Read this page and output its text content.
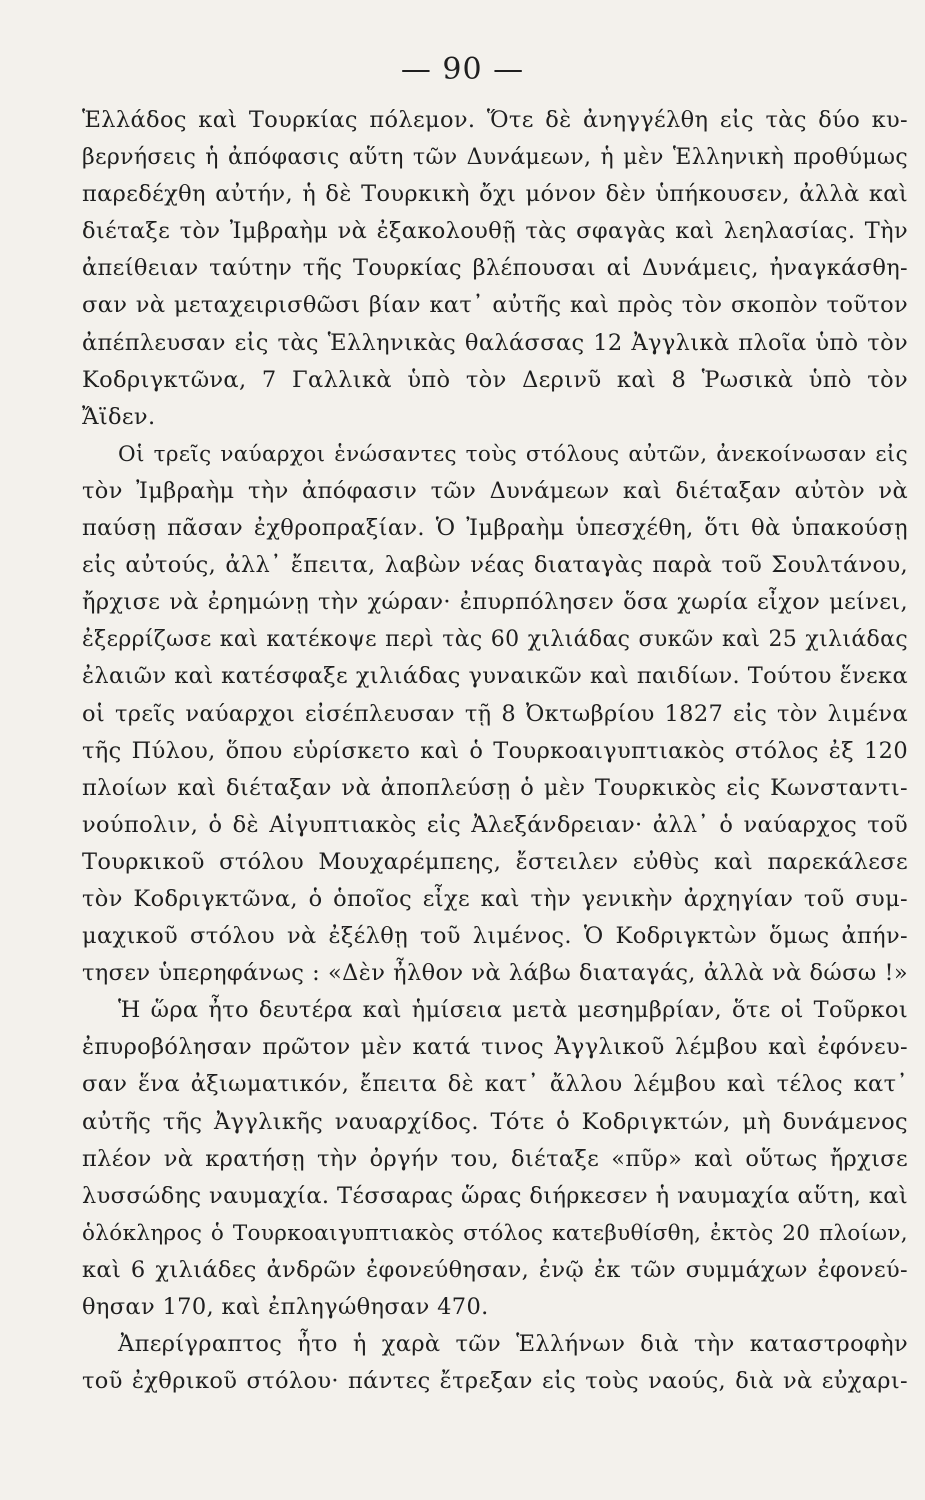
— 90 —
Ἑλλάδος καὶ Τουρκίας πόλεμον. Ὅτε δὲ ἀνηγγέλθη εἰς τὰς δύο κυ-
βερνήσεις ἡ ἀπόφασις αὕτη τῶν Δυνάμεων, ἡ μὲν Ἑλληνικὴ προθύμως
παρεδέχθη αὐτήν, ἡ δὲ Τουρκικὴ ὄχι μόνον δὲν ὑπήκουσεν, ἀλλὰ καὶ
διέταξε τὸν Ἰμβραὴμ νὰ ἐξακολουθῇ τὰς σφαγὰς καὶ λεηλασίας. Τὴν
ἀπείθειαν ταύτην τῆς Τουρκίας βλέπουσαι αἱ Δυνάμεις, ἠναγκάσθη-
σαν νὰ μεταχειρισθῶσι βίαν κατ᾽ αὐτῆς καὶ πρὸς τὸν σκοπὸν τοῦτον
ἀπέπλευσαν εἰς τὰς Ἑλληνικὰς θαλάσσας 12 Ἀγγλικὰ πλοῖα ὑπὸ τὸν
Κοδριγκτῶνα, 7 Γαλλικὰ ὑπὸ τὸν Δερινῦ καὶ 8 Ῥωσικὰ ὑπὸ τὸν
Ἄϊδεν.
Οἱ τρεῖς ναύαρχοι ἑνώσαντες τοὺς στόλους αὐτῶν, ἀνεκοίνωσαν εἰς
τὸν Ἰμβραὴμ τὴν ἀπόφασιν τῶν Δυνάμεων καὶ διέταξαν αὐτὸν νὰ
παύσῃ πᾶσαν ἐχθροπραξίαν. Ὁ Ἰμβραὴμ ὑπεσχέθη, ὅτι θὰ ὑπακούσῃ
εἰς αὐτούς, ἀλλ᾽ ἔπειτα, λαβὼν νέας διαταγὰς παρὰ τοῦ Σουλτάνου,
ἤρχισε νὰ ἐρημώνῃ τὴν χώραν· ἐπυρπόλησεν ὅσα χωρία εἶχον μείνει,
ἐξερρίζωσε καὶ κατέκοψε περὶ τὰς 60 χιλιάδας συκῶν καὶ 25 χιλιάδας
ἐλαιῶν καὶ κατέσφαξε χιλιάδας γυναικῶν καὶ παιδίων. Τούτου ἕνεκα
οἱ τρεῖς ναύαρχοι εἰσέπλευσαν τῇ 8 Ὀκτωβρίου 1827 εἰς τὸν λιμένα
τῆς Πύλου, ὅπου εὑρίσκετο καὶ ὁ Τουρκοαιγυπτιακὸς στόλος ἐξ 120
πλοίων καὶ διέταξαν νὰ ἀποπλεύσῃ ὁ μὲν Τουρκικὸς εἰς Κωνσταντι-
νούπολιν, ὁ δὲ Αἰγυπτιακὸς εἰς Ἀλεξάνδρειαν· ἀλλ᾽ ὁ ναύαρχος τοῦ
Τουρκικοῦ στόλου Μουχαρέμπεης, ἔστειλεν εὐθὺς καὶ παρεκάλεσε
τὸν Κοδριγκτῶνα, ὁ ὁποῖος εἶχε καὶ τὴν γενικὴν ἀρχηγίαν τοῦ συμ-
μαχικοῦ στόλου νὰ ἐξέλθῃ τοῦ λιμένος. Ὁ Κοδριγκτὼν ὅμως ἀπήν-
τησεν ὑπερηφάνως : «Δὲν ἦλθον νὰ λάβω διαταγάς, ἀλλὰ νὰ δώσω !»
Ἡ ὥρα ἦτο δευτέρα καὶ ἡμίσεια μετὰ μεσημβρίαν, ὅτε οἱ Τοῦρκοι
ἐπυροβόλησαν πρῶτον μὲν κατά τινος Ἀγγλικοῦ λέμβου καὶ ἐφόνευ-
σαν ἕνα ἀξιωματικόν, ἔπειτα δὲ κατ᾽ ἄλλου λέμβου καὶ τέλος κατ᾽
αὐτῆς τῆς Ἀγγλικῆς ναυαρχίδος. Τότε ὁ Κοδριγκτών, μὴ δυνάμενος
πλέον νὰ κρατήσῃ τὴν ὀργήν του, διέταξε «πῦρ» καὶ οὕτως ἤρχισε
λυσσώδης ναυμαχία. Τέσσαρας ὥρας διήρκεσεν ἡ ναυμαχία αὕτη, καὶ
ὁλόκληρος ὁ Τουρκοαιγυπτιακὸς στόλος κατεβυθίσθη, ἐκτὸς 20 πλοίων,
καὶ 6 χιλιάδες ἀνδρῶν ἐφονεύθησαν, ἐνῷ ἐκ τῶν συμμάχων ἐφονεύ-
θησαν 170, καὶ ἐπληγώθησαν 470.
Ἀπερίγραπτος ἦτο ἡ χαρὰ τῶν Ἑλλήνων διὰ τὴν καταστροφὴν
τοῦ ἐχθρικοῦ στόλου· πάντες ἔτρεξαν εἰς τοὺς ναούς, διὰ νὰ εὐχαρι-
